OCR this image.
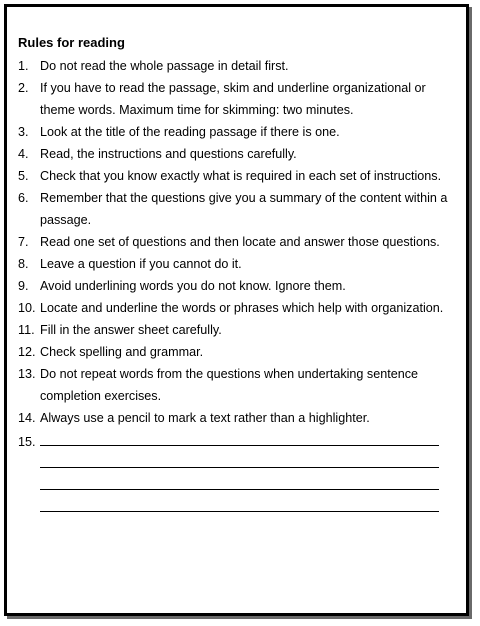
Rules for reading
1. Do not read the whole passage in detail first.
2. If you have to read the passage, skim and underline organizational or theme words. Maximum time for skimming: two minutes.
3. Look at the title of the reading passage if there is one.
4. Read, the instructions and questions carefully.
5. Check that you know exactly what is required in each set of instructions.
6. Remember that the questions give you a summary of the content within a passage.
7. Read one set of questions and then locate and answer those questions.
8. Leave a question if you cannot do it.
9. Avoid underlining words you do not know. Ignore them.
10. Locate and underline the words or phrases which help with organization.
11. Fill in the answer sheet carefully.
12. Check spelling and grammar.
13. Do not repeat words from the questions when undertaking sentence completion exercises.
14. Always use a pencil to mark a text rather than a highlighter.
15.
